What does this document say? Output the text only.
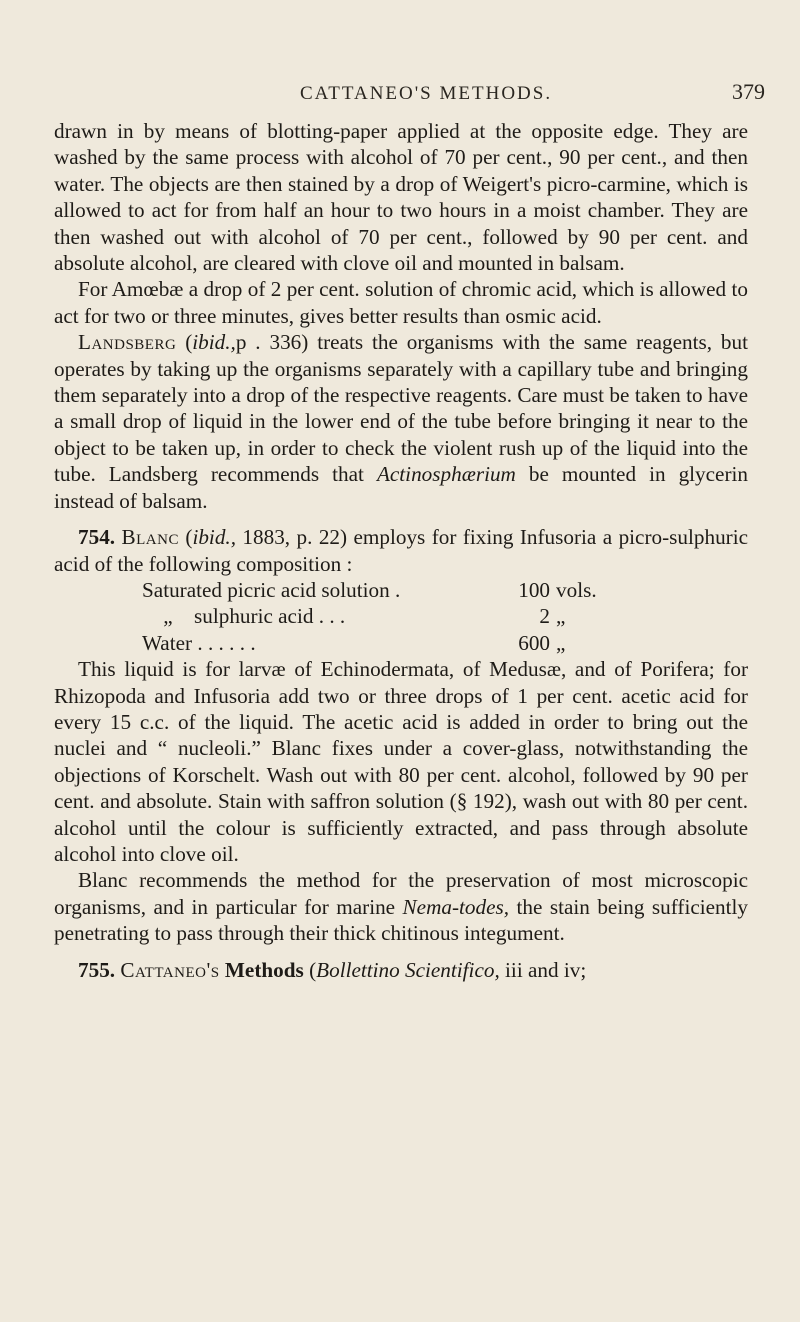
CATTANEO'S METHODS.	379

drawn in by means of blotting-paper applied at the opposite edge. They are washed by the same process with alcohol of 70 per cent., 90 per cent., and then water. The objects are then stained by a drop of Weigert's picro-carmine, which is allowed to act for from half an hour to two hours in a moist chamber. They are then washed out with alcohol of 70 per cent., followed by 90 per cent. and absolute alcohol, are cleared with clove oil and mounted in balsam.

For Amœbæ a drop of 2 per cent. solution of chromic acid, which is allowed to act for two or three minutes, gives better results than osmic acid.

Landsberg (ibid.,p . 336) treats the organisms with the same reagents, but operates by taking up the organisms separately with a capillary tube and bringing them separately into a drop of the respective reagents. Care must be taken to have a small drop of liquid in the lower end of the tube before bringing it near to the object to be taken up, in order to check the violent rush up of the liquid into the tube. Landsberg recommends that Actinosphærium be mounted in glycerin instead of balsam.

754. Blanc (ibid., 1883, p. 22) employs for fixing Infusoria a picro-sulphuric acid of the following composition :

Saturated picric acid solution .	100 vols.
„ sulphuric acid . . .	2 „
Water . . . . . .	600 „

This liquid is for larvæ of Echinodermata, of Medusæ, and of Porifera; for Rhizopoda and Infusoria add two or three drops of 1 per cent. acetic acid for every 15 c.c. of the liquid. The acetic acid is added in order to bring out the nuclei and “ nucleoli.” Blanc fixes under a cover-glass, notwithstanding the objections of Korschelt. Wash out with 80 per cent. alcohol, followed by 90 per cent. and absolute. Stain with saffron solution (§ 192), wash out with 80 per cent. alcohol until the colour is sufficiently extracted, and pass through absolute alcohol into clove oil.

Blanc recommends the method for the preservation of most microscopic organisms, and in particular for marine Nema-todes, the stain being sufficiently penetrating to pass through their thick chitinous integument.

755. Cattaneo's Methods (Bollettino Scientifico, iii and iv;
